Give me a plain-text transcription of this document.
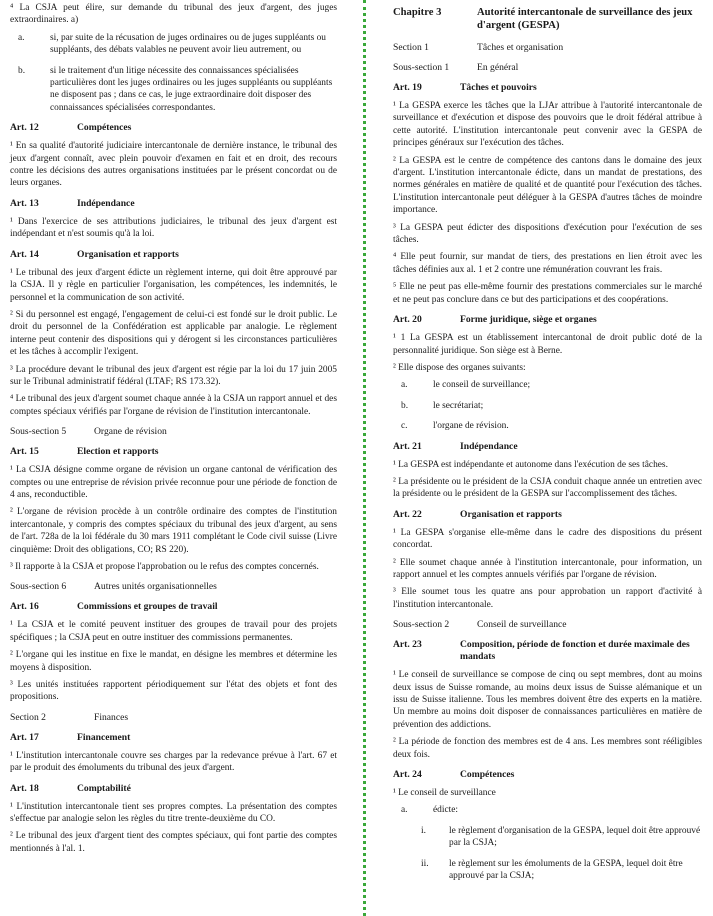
⁴ La CSJA peut élire, sur demande du tribunal des jeux d'argent, des juges extraordinaires. a)

a.	si, par suite de la récusation de juges ordinaires ou de juges suppléants ou suppléants, des débats valables ne peuvent avoir lieu autrement, ou
b.	si le traitement d'un litige nécessite des connaissances spécialisées particulières dont les juges ordinaires ou les juges suppléants ou suppléants ne disposent pas ; dans ce cas, le juge extraordinaire doit disposer des connaissances spécialisées correspondantes.
Art. 12	Compétences

¹ En sa qualité d'autorité judiciaire intercantonale de dernière instance, le tribunal des jeux d'argent connaît, avec plein pouvoir d'examen en fait et en droit, des recours contre les décisions des autres organisations instituées par le présent concordat ou de leurs organes.

Art. 13	Indépendance

¹ Dans l'exercice de ses attributions judiciaires, le tribunal des jeux d'argent est indépendant et n'est soumis qu'à la loi.

Art. 14	Organisation et rapports

¹ Le tribunal des jeux d'argent édicte un règlement interne, qui doit être approuvé par la CSJA. Il y règle en particulier l'organisation, les compétences, les indemnités, le personnel et la communication de son activité.

² Si du personnel est engagé, l'engagement de celui-ci est fondé sur le droit public. Le droit du personnel de la Confédération est applicable par analogie. Le règlement interne peut contenir des dispositions qui y dérogent si les circonstances particulières et les tâches à accomplir l'exigent.

³ La procédure devant le tribunal des jeux d'argent est régie par la loi du 17 juin 2005 sur le Tribunal administratif fédéral (LTAF; RS 173.32).

⁴ Le tribunal des jeux d'argent soumet chaque année à la CSJA un rapport annuel et des comptes spéciaux vérifiés par l'organe de révision de l'institution intercantonale.

Sous-section 5	Organe de révision
Art. 15	Election et rapports

¹ La CSJA désigne comme organe de révision un organe cantonal de vérification des comptes ou une entreprise de révision privée reconnue pour une période de fonction de 4 ans, reconductible.

² L'organe de révision procède à un contrôle ordinaire des comptes de l'institution intercantonale, y compris des comptes spéciaux du tribunal des jeux d'argent, au sens de l'art. 728a de la loi fédérale du 30 mars 1911 complétant le Code civil suisse (Livre cinquième: Droit des obligations, CO; RS 220).

³ Il rapporte à la CSJA et propose l'approbation ou le refus des comptes concernés.

Sous-section 6	Autres unités organisationnelles
Art. 16	Commissions et groupes de travail

¹ La CSJA et le comité peuvent instituer des groupes de travail pour des projets spécifiques ; la CSJA peut en outre instituer des commissions permanentes.

² L'organe qui les institue en fixe le mandat, en désigne les membres et détermine les moyens à disposition.

³ Les unités instituées rapportent périodiquement sur l'état des objets et font des propositions.

Section 2	Finances
Art. 17	Financement

¹ L'institution intercantonale couvre ses charges par la redevance prévue à l'art. 67 et par le produit des émoluments du tribunal des jeux d'argent.

Art. 18	Comptabilité

¹ L'institution intercantonale tient ses propres comptes. La présentation des comptes s'effectue par analogie selon les règles du titre trente-deuxième du CO.

² Le tribunal des jeux d'argent tient des comptes spéciaux, qui font partie des comptes mentionnés à l'al. 1.

Chapitre 3	Autorité intercantonale de surveillance des jeux d'argent (GESPA)
Section 1	Tâches et organisation
Sous-section 1	En général
Art. 19	Tâches et pouvoirs

¹ La GESPA exerce les tâches que la LJAr attribue à l'autorité intercantonale de surveillance et d'exécution et dispose des pouvoirs que le droit fédéral attribue à cette autorité. L'institution intercantonale peut convenir avec la GESPA de principes généraux sur l'exécution des tâches.

² La GESPA est le centre de compétence des cantons dans le domaine des jeux d'argent. L'institution intercantonale édicte, dans un mandat de prestations, des normes générales en matière de qualité et de quantité pour l'exécution des tâches. L'institution intercantonale peut déléguer à la GESPA d'autres tâches de moindre importance.

³ La GESPA peut édicter des dispositions d'exécution pour l'exécution de ses tâches.

⁴ Elle peut fournir, sur mandat de tiers, des prestations en lien étroit avec les tâches définies aux al. 1 et 2 contre une rémunération couvrant les frais.

⁵ Elle ne peut pas elle-même fournir des prestations commerciales sur le marché et ne peut pas conclure dans ce but des participations et des coopérations.

Art. 20	Forme juridique, siège et organes

¹ 1 La GESPA est un établissement intercantonal de droit public doté de la personnalité juridique. Son siège est à Berne.

² Elle dispose des organes suivants:

a.	le conseil de surveillance;
b.	le secrétariat;
c.	l'organe de révision.
Art. 21	Indépendance

¹ La GESPA est indépendante et autonome dans l'exécution de ses tâches.

² La présidente ou le président de la CSJA conduit chaque année un entretien avec la présidente ou le président de la GESPA sur l'accomplissement des tâches.

Art. 22	Organisation et rapports

¹ La GESPA s'organise elle-même dans le cadre des dispositions du présent concordat.

² Elle soumet chaque année à l'institution intercantonale, pour information, un rapport annuel et les comptes annuels vérifiés par l'organe de révision.

³ Elle soumet tous les quatre ans pour approbation un rapport d'activité à l'institution intercantonale.

Sous-section 2	Conseil de surveillance
Art. 23	Composition, période de fonction et durée maximale des mandats

¹ Le conseil de surveillance se compose de cinq ou sept membres, dont au moins deux issus de Suisse romande, au moins deux issus de Suisse alémanique et un issu de Suisse italienne. Tous les membres doivent être des experts en la matière. Un membre au moins doit disposer de connaissances particulières en matière de prévention des addictions.

² La période de fonction des membres est de 4 ans. Les membres sont rééligibles deux fois.

Art. 24	Compétences

¹ Le conseil de surveillance

a.	édicte:
i.	le règlement d'organisation de la GESPA, lequel doit être approuvé par la CSJA;
ii.	le règlement sur les émoluments de la GESPA, lequel doit être approuvé par la CSJA;
